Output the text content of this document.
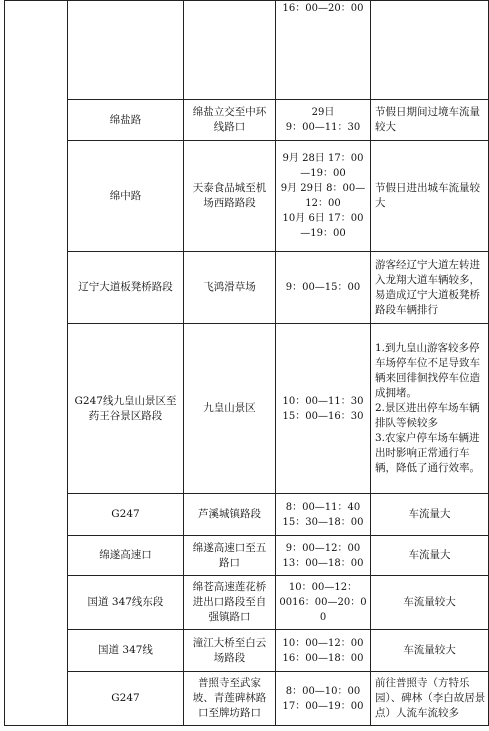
			16：00—20：00	
	绵盐路	绵盐立交至中环线路口	29日
9：00—11：30	节假日期间过境车流量较大
	绵中路	天泰食品城至机场西路路段	9月 28日 17：00—19：00
9月 29日 8：00—12：00
10月 6日 17：00—19：00	节假日进出城车流量较大
	辽宁大道板凳桥路段	飞鸿滑草场	9：00—15：00	游客经辽宁大道左转进入龙翔大道车辆较多，易造成辽宁大道板凳桥路段车辆排行
	G247线九皇山景区至药王谷景区路段	九皇山景区	10：00—11：30
15：00—16：30	1.到九皇山游客较多停车场停车位不足导致车辆来回徘徊找停车位造成拥堵。
2.景区进出停车场车辆排队等候较多
3.农家户停车场车辆进出时影响正常通行车辆，降低了通行效率。
	G247	芦溪城镇路段	8：00—11：40
15：30—18：00	车流量大
	绵遂高速口	绵遂高速口至五路口	9：00—12：00
13：00—18：00	车流量大
	国道 347线东段	绵苍高速莲花桥进出口路段至自强镇路口	10：00—12：
0016：00—20：00	车流量较大
	国道 347线	潼江大桥至白云场路段	10：00—12：00
16：00—18：00	车流量较大
	G247	普照寺至武家坡、青莲碑林路口至牌坊路口	8：00—10：00
17：00—19：00	前往普照寺（方特乐园）、碑林（李白故居景点）人流车流较多
